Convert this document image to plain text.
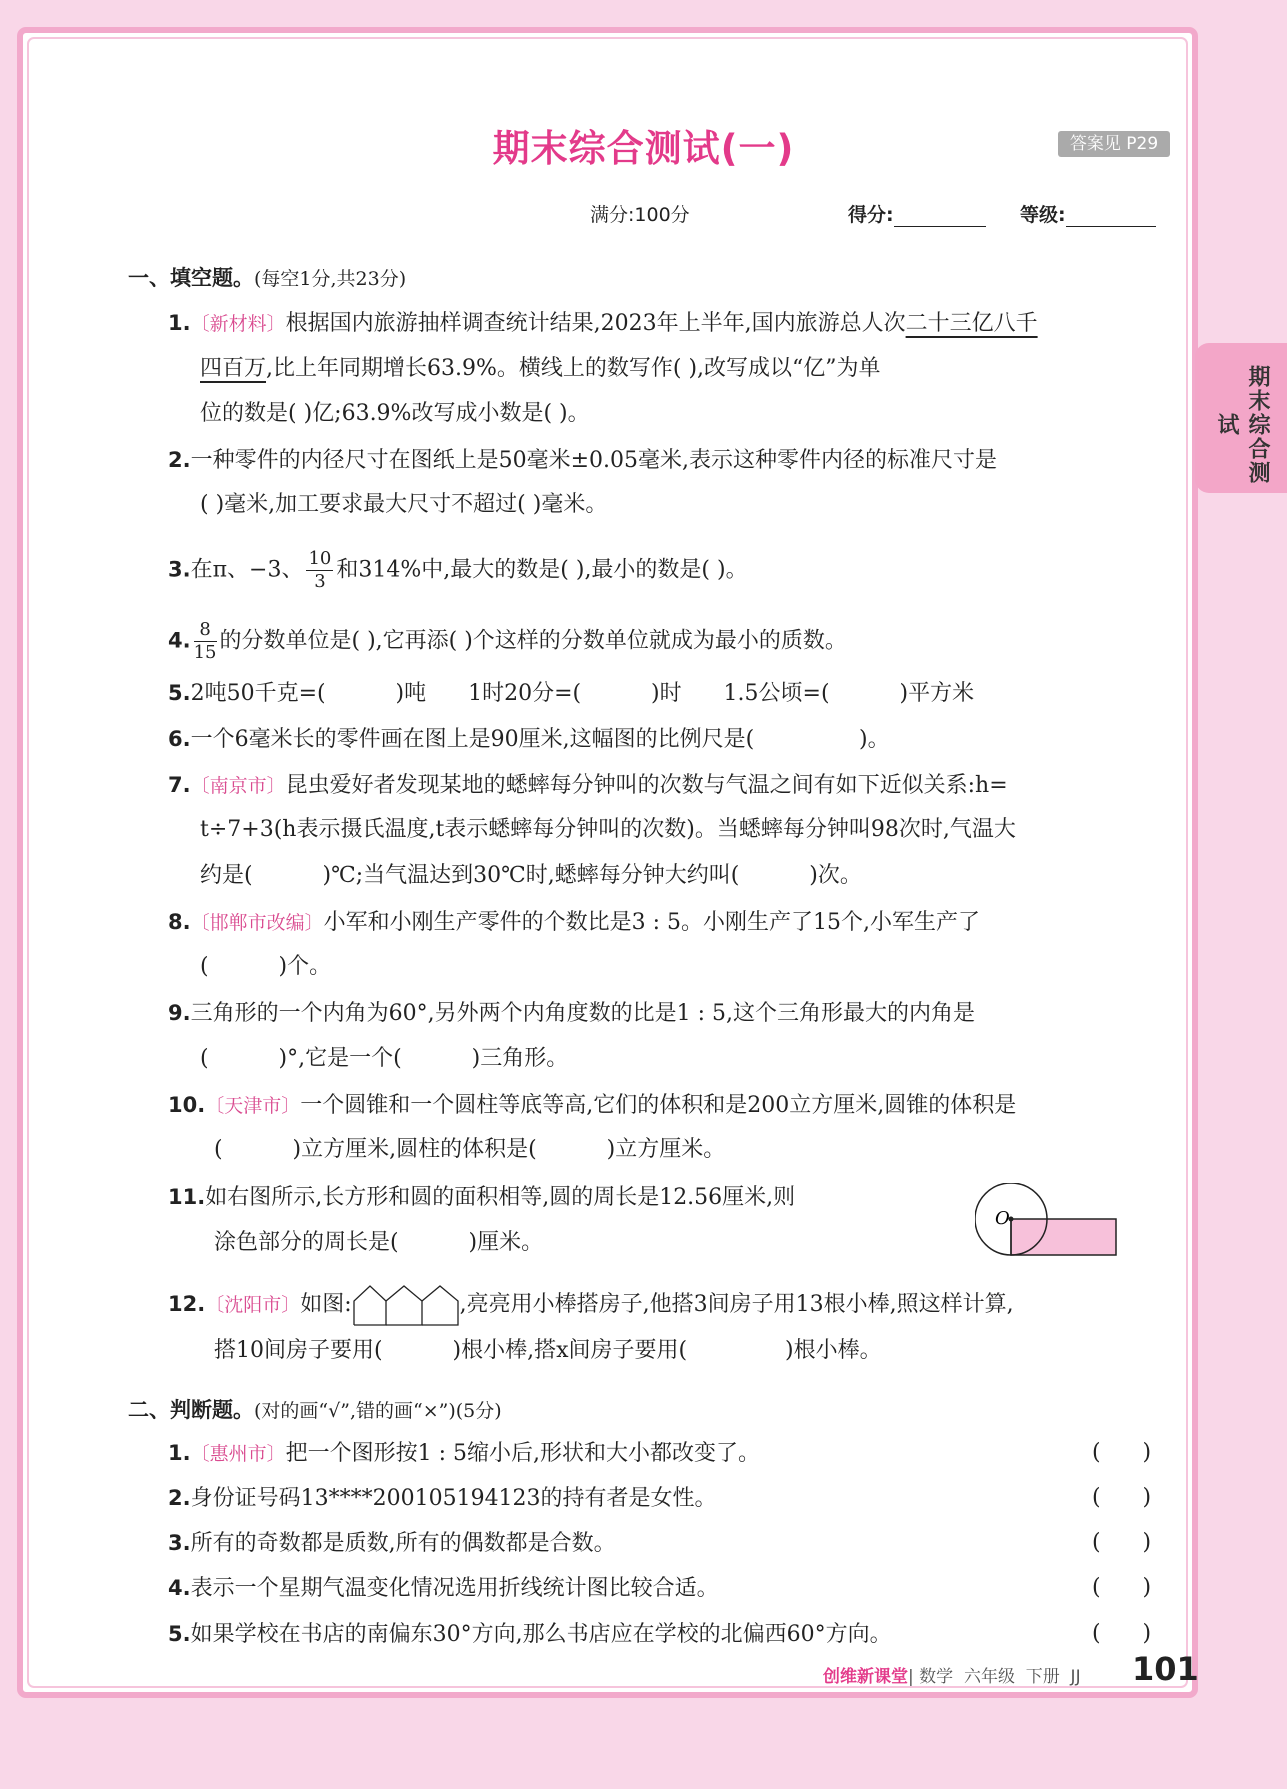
期末综合测试(一)	答案见 P29
满分:100分	得分:	等级:
期末综合测试
一、填空题。(每空1分,共23分)
1.〔新材料〕根据国内旅游抽样调查统计结果,2023年上半年,国内旅游总人次二十三亿八千
四百万,比上年同期增长63.9%。横线上的数写作( ),改写成以“亿”为单
位的数是( )亿;63.9%改写成小数是( )。
2.一种零件的内径尺寸在图纸上是50毫米±0.05毫米,表示这种零件内径的标准尺寸是
( )毫米,加工要求最大尺寸不超过( )毫米。
3.在π、−3、 $\frac{10}{3}$ 和314%中,最大的数是( ),最小的数是( )。
4. $\frac{8}{15}$ 的分数单位是( ),它再添( )个这样的分数单位就成为最小的质数。
5.2吨50千克=(          )吨      1时20分=(          )时      1.5公顷=(          )平方米
6.一个6毫米长的零件画在图上是90厘米,这幅图的比例尺是(               )。
7.〔南京市〕昆虫爱好者发现某地的蟋蟀每分钟叫的次数与气温之间有如下近似关系:h=
t÷7+3(h表示摄氏温度,t表示蟋蟀每分钟叫的次数)。当蟋蟀每分钟叫98次时,气温大
约是(          )℃;当气温达到30℃时,蟋蟀每分钟大约叫(          )次。
8.〔邯郸市改编〕小军和小刚生产零件的个数比是3 : 5。小刚生产了15个,小军生产了
(          )个。
9.三角形的一个内角为60°,另外两个内角度数的比是1 : 5,这个三角形最大的内角是
(          )°,它是一个(          )三角形。
10.〔天津市〕一个圆锥和一个圆柱等底等高,它们的体积和是200立方厘米,圆锥的体积是
(          )立方厘米,圆柱的体积是(          )立方厘米。
11.如右图所示,长方形和圆的面积相等,圆的周长是12.56厘米,则
涂色部分的周长是(          )厘米。
O
12.〔沈阳市〕如图:	,亮亮用小棒搭房子,他搭3间房子用13根小棒,照这样计算,
搭10间房子要用(          )根小棒,搭x间房子要用(              )根小棒。
二、判断题。(对的画“√”,错的画“×”)(5分)
1.〔惠州市〕把一个图形按1 : 5缩小后,形状和大小都改变了。	(      )
2.身份证号码13****200105194123的持有者是女性。	(      )
3.所有的奇数都是质数,所有的偶数都是合数。	(      )
4.表示一个星期气温变化情况选用折线统计图比较合适。	(      )
5.如果学校在书店的南偏东30°方向,那么书店应在学校的北偏西60°方向。	(      )
创维新课堂| 数学  六年级  下册  JJ 101
